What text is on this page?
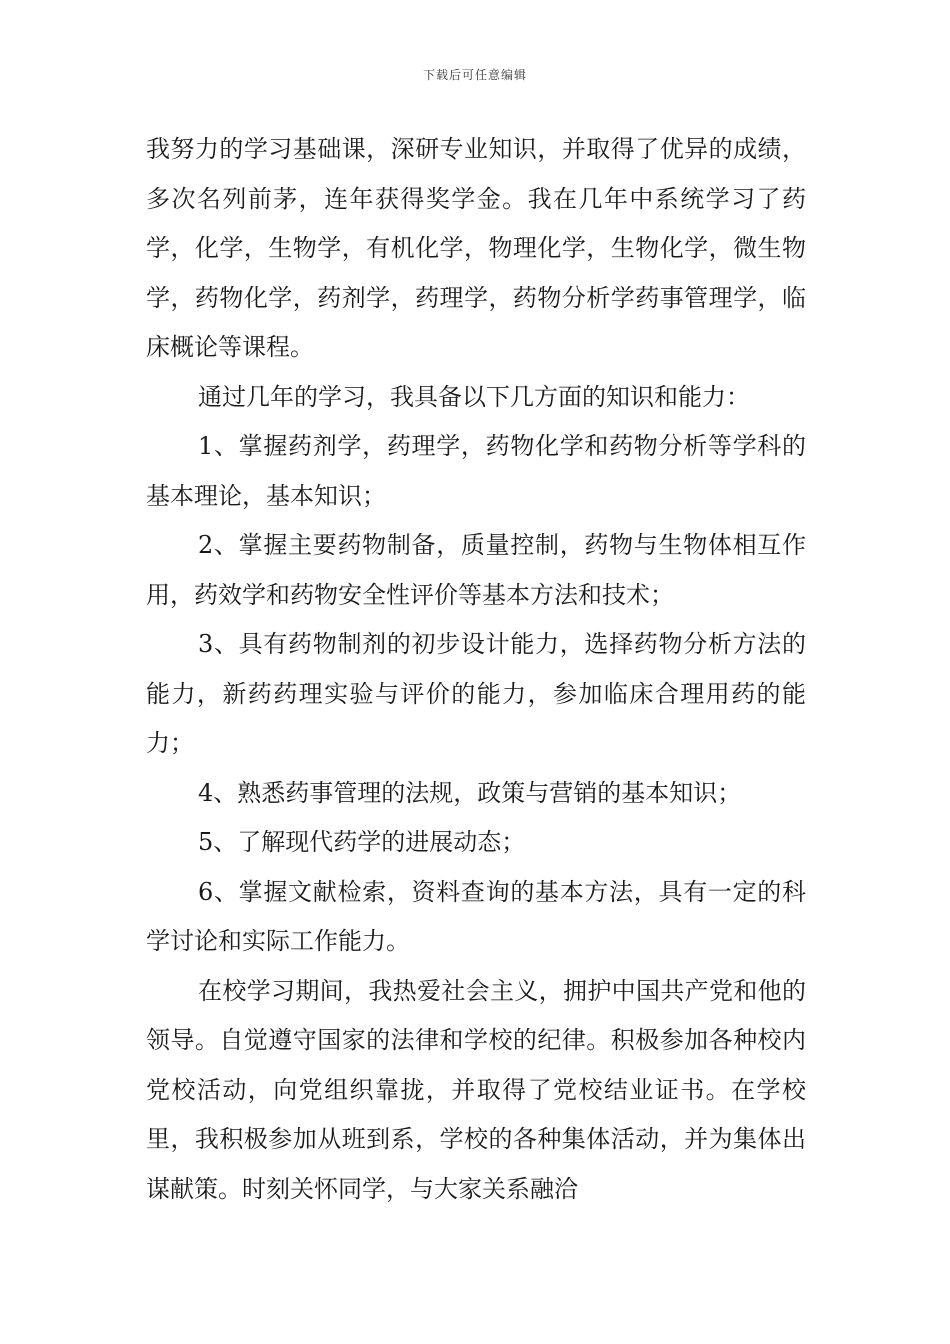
下载后可任意编辑

我努力的学习基础课，深研专业知识，并取得了优异的成绩，多次名列前茅，连年获得奖学金。我在几年中系统学习了药学，化学，生物学，有机化学，物理化学，生物化学，微生物学，药物化学，药剂学，药理学，药物分析学药事管理学，临床概论等课程。

通过几年的学习，我具备以下几方面的知识和能力：

1、掌握药剂学，药理学，药物化学和药物分析等学科的基本理论，基本知识；

2、掌握主要药物制备，质量控制，药物与生物体相互作用，药效学和药物安全性评价等基本方法和技术；

3、具有药物制剂的初步设计能力，选择药物分析方法的能力，新药药理实验与评价的能力，参加临床合理用药的能力；

4、熟悉药事管理的法规，政策与营销的基本知识；

5、了解现代药学的进展动态；

6、掌握文献检索，资料查询的基本方法，具有一定的科学讨论和实际工作能力。

在校学习期间，我热爱社会主义，拥护中国共产党和他的领导。自觉遵守国家的法律和学校的纪律。积极参加各种校内党校活动，向党组织靠拢，并取得了党校结业证书。在学校里，我积极参加从班到系，学校的各种集体活动，并为集体出谋献策。时刻关怀同学，与大家关系融洽
